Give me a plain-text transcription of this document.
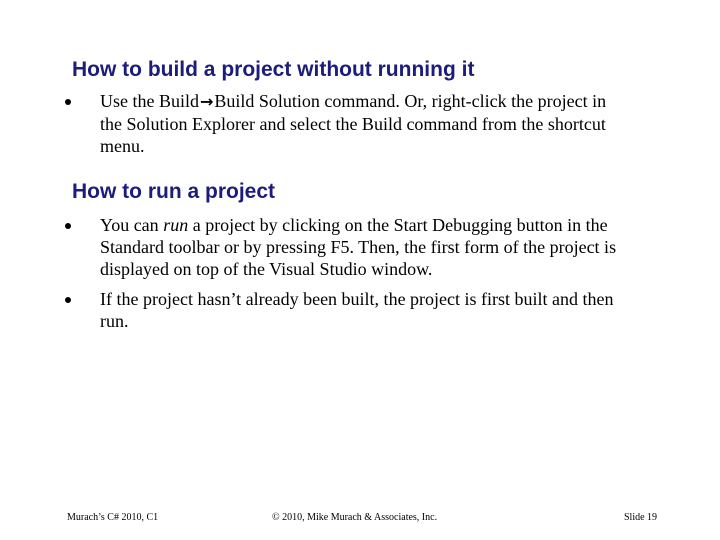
How to build a project without running it
Use the Build→Build Solution command. Or, right-click the project in the Solution Explorer and select the Build command from the shortcut menu.
How to run a project
You can run a project by clicking on the Start Debugging button in the Standard toolbar or by pressing F5. Then, the first form of the project is displayed on top of the Visual Studio window.
If the project hasn’t already been built, the project is first built and then run.
Murach’s C# 2010, C1	© 2010, Mike Murach & Associates, Inc.	Slide 19
